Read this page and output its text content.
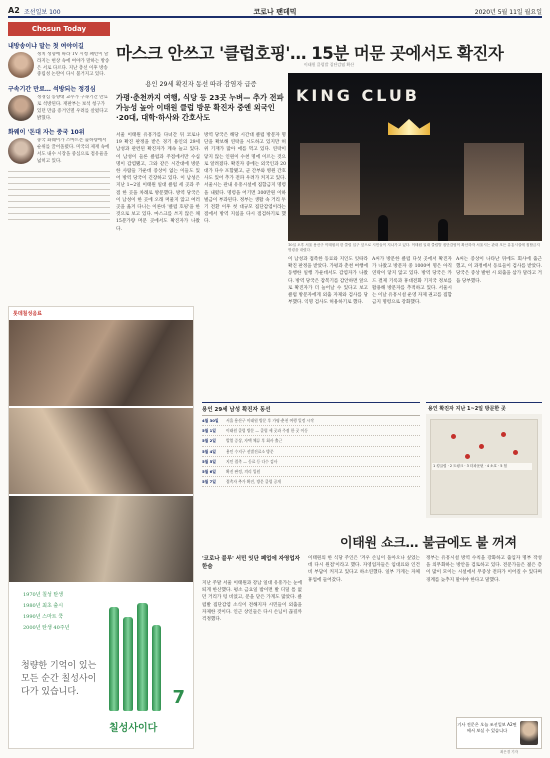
A2 조선일보 100	코로나 팬데믹	2020년 5월 11일 월요일
Chosun Today
내방송이냐 말는 첫 여야이길
정치 성향에 따라 TV 시청 패턴이 달라지는 현상 속에 여야가 말하는 방송은 서로 다르다. 지난 총선 이후 방송 중립성 논란이 다시 불거지고 있다.
구속기간 만료… 석방되는 정경심
정경심 동양대 교수가 구속기간 만료로 석방된다. 재판부는 보석 청구가 있던 만큼 증거인멸 우려를 살폈다고 밝혔다.
화웨이 '돈대 자는 중국 10위
중국 화웨이가 스마트폰 출하량에서 순위를 끌어올렸다. 미국의 제재 속에서도 내수 시장을 중심으로 점유율을 넓히고 있다.
롯데칠성음료
1970년 칠성 탄생
1980년 최초 출시
1990년 스마트 쿡
2000년 탄생 40주년
청량한 기억이 있는 모든 순간 칠성사이다가 있습니다.	7
칠성사이다
마스크 안쓰고 '클럽호핑'… 15분 머문 곳에서도 확진자
이태원 클럽발 집단감염 확산
용인 29세 확진자 동선 따라 감염자 급증
가평·춘천까지 여행, 식당 등 23곳 누벼— 추가 전파 가능성 높아 이태원 클럽 방문 확진자 중엔 외국인·20대, 대학·하사와 간호사도
서울 이태원 유흥가를 다녀간 뒤 코로나19 확진 판정을 받은 경기 용인의 29세 남성과 관련된 확진자가 계속 늘고 있다. 이 남성이 들른 클럽과 주점에서만 수십 명이 감염됐고, 그와 같은 시간대에 방문한 사람들 가운데 증상이 없는 이들도 있어 방역 당국이 긴장하고 있다. 이 남성은 지난 1~2일 이태원 일대 클럽 세 곳과 주점 한 곳을 차례로 방문했다. 방역 당국은 이 남성이 한 곳에 오래 머물지 않고 여러 곳을 옮겨 다니는 이른바 '클럽 호핑'을 한 것으로 보고 있다. 마스크를 쓰지 않은 채 15분가량 머문 곳에서도 확진자가 나왔다.
방역 당국은 해당 시간대 클럽 방문자 명단을 확보해 연락을 시도하고 있지만 허위 기재가 많아 애를 먹고 있다. 연락이 닿지 않는 인원이 수천 명에 이르는 것으로 알려졌다. 확진자 중에는 외국인과 20대가 다수 포함됐고, 군 간부와 병원 간호사도 있어 추가 전파 우려가 커지고 있다. 서울시는 관내 유흥시설에 집합금지 명령을 내렸다. 명령을 어기면 300만원 이하 벌금이 부과된다. 정부는 생활 속 거리 두기 전환 이후 첫 대규모 집단감염이라는 점에서 방역 지침을 다시 점검하기로 했다.
이 남성과 접촉한 동료와 지인도 잇따라 확진 판정을 받았다. 가평과 춘천 여행에 동행한 일행 가운데서도 감염자가 나왔다. 방역 당국은 잠복기를 감안하면 앞으로 확진자가 더 늘어날 수 있다고 보고 클럽 방문자에게 외출 자제와 검사를 당부했다. 익명 검사도 허용하기로 했다.
A씨가 방문한 클럽 다섯 곳에서 확진자가 나왔고 방문자 중 1000여 명은 아직 연락이 닿지 않고 있다. 방역 당국은 카드 결제 기록과 휴대전화 기지국 정보를 활용해 방문자를 추적하고 있다. 서울시는 이날 유흥시설 운영 자제 권고를 집합금지 명령으로 강화했다.
A씨는 증상이 나타난 뒤에도 회사에 출근했고, 이 과정에서 동료들이 검사를 받았다. 당국은 증상 발현 시 외출을 삼가 달라고 거듭 당부했다.
KING CLUB
10일 오후 서울 용산구 이태원의 한 클럽 입구 앞으로 시민들이 지나가고 있다. 이태원 일대 클럽발 집단감염이 확산하자 서울시는 관내 모든 유흥시설에 집합금지 명령을 내렸다.
용인 29세 남성 확진자 동선
4월 30일	서울 용산구 이태원 방문 후 가평·춘천 여행 일정 시작
5월 1일	이태원 클럽 방문 — 클럽 세 곳과 주점 한 곳 이동
5월 2일	발열 증상, 자택 체류 후 회사 출근
5월 4일	용인 수지구 선별진료소 방문
5월 5일	지인 접촉 — 동료 등 다수 검사
5월 6일	확진 판정, 격리 입원
5월 7일	접촉자 추가 확진, 방문 클럽 공개
용인 확진자 지난 1~2일 방문한 곳
1 킹클럽 · 2 트렁크 · 3 더파운틴 · 4 소호 · 5 힘
이태원 쇼크… 불금에도 불 꺼져
'코로나 블루' 서민 잇단 폐업에 자영업자 한숨
지난 주말 서울 이태원과 강남 일대 유흥가는 눈에 띄게 한산했다. 평소 금요일 밤이면 발 디딜 틈 없던 거리가 텅 비었고, 문을 닫은 가게도 많았다. 클럽발 집단감염 소식이 전해지자 시민들이 외출을 자제한 것이다. 인근 상인들은 다시 손님이 끊길까 걱정했다.
이태원의 한 식당 주인은 '겨우 손님이 돌아오나 싶었는데 다시 원점'이라고 했다. 자영업자들은 임대료와 인건비 부담이 커지고 있다고 하소연했다. 일부 가게는 자체 휴업에 들어갔다.
정부는 유흥시설 방역 수칙을 강화하고 출입자 명부 작성을 의무화하는 방안을 검토하고 있다. 전문가들은 젊은 층이 많이 모이는 시설에서 무증상 전파가 이어질 수 있다며 경계를 늦추지 말아야 한다고 말했다.
기사 전문은 오늘 조선일보 A2면에서 보실 수 있습니다
최은경 기자
